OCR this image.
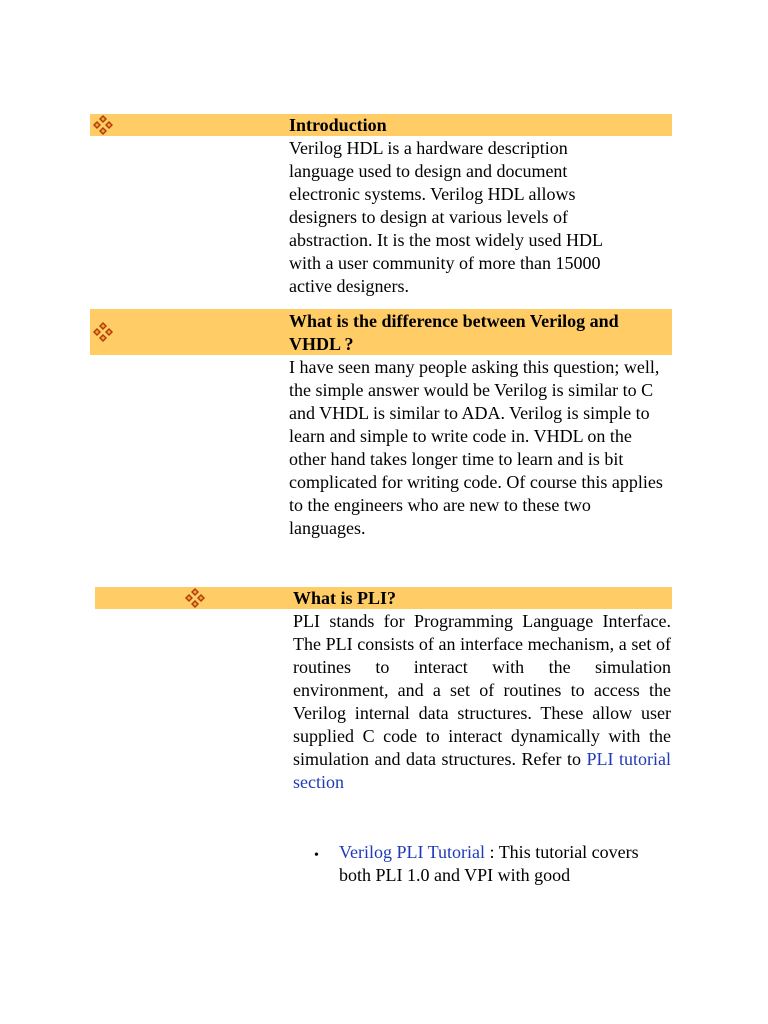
Introduction
Verilog HDL is a hardware description language used to design and document electronic systems. Verilog HDL allows designers to design at various levels of abstraction. It is the most widely used HDL with a user community of more than 15000 active designers.
What is the difference between Verilog and VHDL ?
I have seen many people asking this question; well, the simple answer would be Verilog is similar to C and VHDL is similar to ADA. Verilog is simple to learn and simple to write code in. VHDL on the other hand takes longer time to learn and is bit complicated for writing code. Of course this applies to the engineers who are new to these two languages.
What is PLI?
PLI stands for Programming Language Interface. The PLI consists of an interface mechanism, a set of routines to interact with the simulation environment, and a set of routines to access the Verilog internal data structures. These allow user supplied C code to interact dynamically with the simulation and data structures. Refer to PLI tutorial section
• Verilog PLI Tutorial : This tutorial covers both PLI 1.0 and VPI with good
